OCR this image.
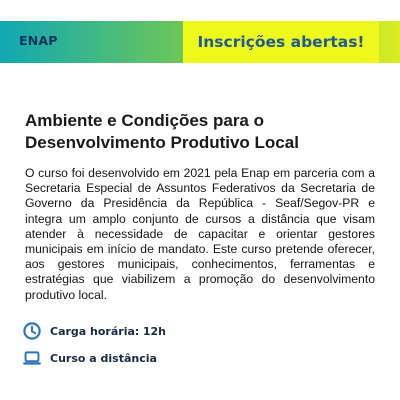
ENAP	Inscrições abertas!
Ambiente e Condições para o
Desenvolvimento Produtivo Local

O curso foi desenvolvido em 2021 pela Enap em parceria com a Secretaria Especial de Assuntos Federativos da Secretaria de Governo da Presidência da República - Seaf/Segov-PR e integra um amplo conjunto de cursos a distância que visam atender à necessidade de capacitar e orientar gestores municipais em início de mandato. Este curso pretende oferecer, aos gestores municipais, conhecimentos, ferramentas e estratégias que viabilizem a promoção do desenvolvimento produtivo local.

Carga horária: 12h
Curso a distância
